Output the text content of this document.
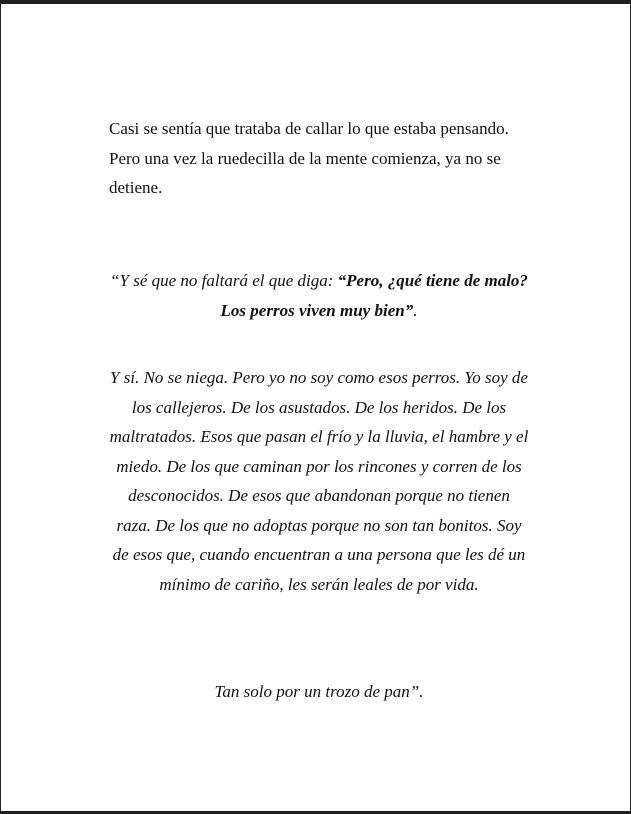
Casi se sentía que trataba de callar lo que estaba pensando. Pero una vez la ruedecilla de la mente comienza, ya no se detiene.

“Y sé que no faltará el que diga: “Pero, ¿qué tiene de malo? Los perros viven muy bien”.

Y sí. No se niega. Pero yo no soy como esos perros. Yo soy de los callejeros. De los asustados. De los heridos. De los maltratados. Esos que pasan el frío y la lluvia, el hambre y el miedo. De los que caminan por los rincones y corren de los desconocidos. De esos que abandonan porque no tienen raza. De los que no adoptas porque no son tan bonitos. Soy de esos que, cuando encuentran a una persona que les dé un mínimo de cariño, les serán leales de por vida.

Tan solo por un trozo de pan”.
